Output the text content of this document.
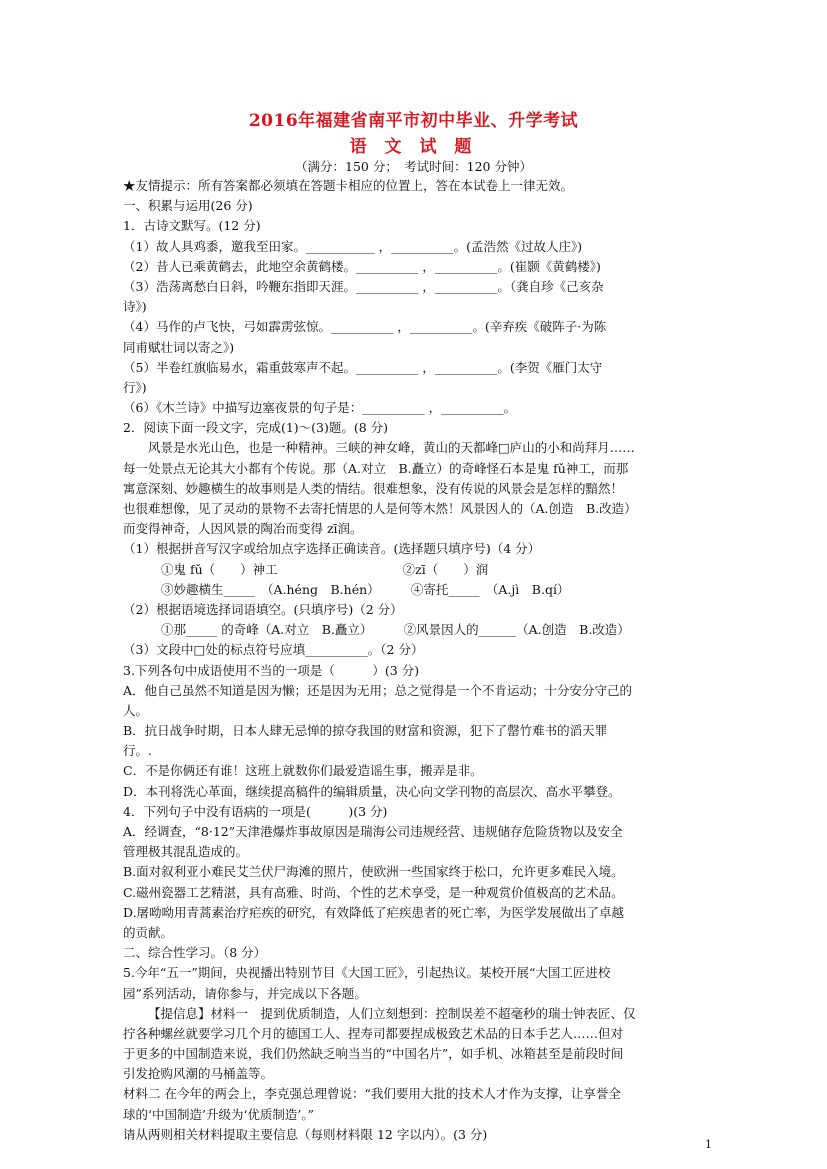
2016年福建省南平市初中毕业、升学考试
语 文 试 题
（满分：150 分；　考试时间：120 分钟）
★友情提示：所有答案都必须填在答题卡相应的位置上，答在本试卷上一律无效。
一、积累与运用(26 分)
1．古诗文默写。(12 分)
（1）故人具鸡黍，邀我至田家。___________ ，__________。(孟浩然《过故人庄》)
（2）昔人已乘黄鹤去，此地空余黄鹤楼。__________ ，__________。(崔颢《黄鹤楼》)
（3）浩荡离愁白日斜，吟鞭东指即天涯。__________ ，__________。（龚自珍《己亥杂
诗》)
（4）马作的卢飞快，弓如霹雳弦惊。__________ ，__________。(辛弃疾《破阵子·为陈
同甫赋壮词以寄之》)
（5）半卷红旗临易水，霜重鼓寒声不起。__________ ，__________。(李贺《雁门太守
行》)
（6）《木兰诗》中描写边塞夜景的句子是：__________ ，__________。
2．阅读下面一段文字，完成(1)～(3)题。(8 分)
风景是水光山色，也是一种精神。三峡的神女峰，黄山的天都峰□庐山的小和尚拜月……
每一处景点无论其大小都有个传说。那（A.对立　B.矗立）的奇峰怪石本是鬼 fǔ神工，而那
寓意深刻、妙趣横生的故事则是人类的情结。很难想象，没有传说的风景会是怎样的黯然！
也很难想像，见了灵动的景物不去寄托情思的人是何等木然！风景因人的（A.创造　B.改造）
而变得神奇，人因风景的陶冶而变得 zī润。
（1）根据拼音写汉字或给加点字选择正确读音。(选择题只填序号)（4 分）
①鬼 fǔ（　　）神工　　　　　　　　　　②zī（　　）润
③妙趣横生_____　（A.héng　B.hén）　　　④寄托_____　（A.jì　B.qí）
（2）根据语境选择词语填空。(只填序号)（2 分）
①那_____ 的奇峰（A.对立　B.矗立）　　　②风景因人的______（A.创造　B.改造）
（3）文段中□处的标点符号应填__________。（2 分）
3.下列各句中成语使用不当的一项是（　　　）(3 分)
A．他自己虽然不知道是因为懒；还是因为无用；总之觉得是一个不肯运动；十分安分守己的
人。
B．抗日战争时期，日本人肆无忌惮的掠夺我国的财富和资源，犯下了罄竹难书的滔天罪
行。.
C．不是你俩还有谁！这班上就数你们最爱造谣生事，搬弄是非。
D．本刊将洗心革面，继续提高稿件的编辑质量，决心向文学刊物的高层次、高水平攀登。
4．下列句子中没有语病的一项是(　　　)(3 分)
A．经调查，“8·12”天津港爆炸事故原因是瑞海公司违规经营、违规储存危险货物以及安全
管理极其混乱造成的。
B.面对叙利亚小难民艾兰伏尸海滩的照片，使欧洲一些国家终于松口，允许更多难民入境。
C.磁州瓷器工艺精湛，具有高雅、时尚、个性的艺术享受，是一种观赏价值极高的艺术品。
D.屠呦呦用青蒿素治疗疟疾的研究，有效降低了疟疾患者的死亡率，为医学发展做出了卓越
的贡献。
二、综合性学习。（8 分）
5.今年“五一”期间，央视播出特别节目《大国工匠》，引起热议。某校开展“大国工匠进校
园”系列活动，请你参与，并完成以下各题。
【提信息】材料一　提到优质制造，人们立刻想到：控制误差不超毫秒的瑞士钟表匠、仅
拧各种螺丝就要学习几个月的德国工人、捏寿司都要捏成极致艺术品的日本手艺人……但对
于更多的中国制造来说，我们仍然缺乏响当当的“中国名片”，如手机、冰箱甚至是前段时间
引发抢购风潮的马桶盖等。
材料二 在今年的两会上，李克强总理曾说：“我们要用大批的技术人才作为支撑，让享誉全
球的‘中国制造’升级为‘优质制造’。”
请从两则相关材料提取主要信息（每则材料限 12 字以内）。(3 分)
1
